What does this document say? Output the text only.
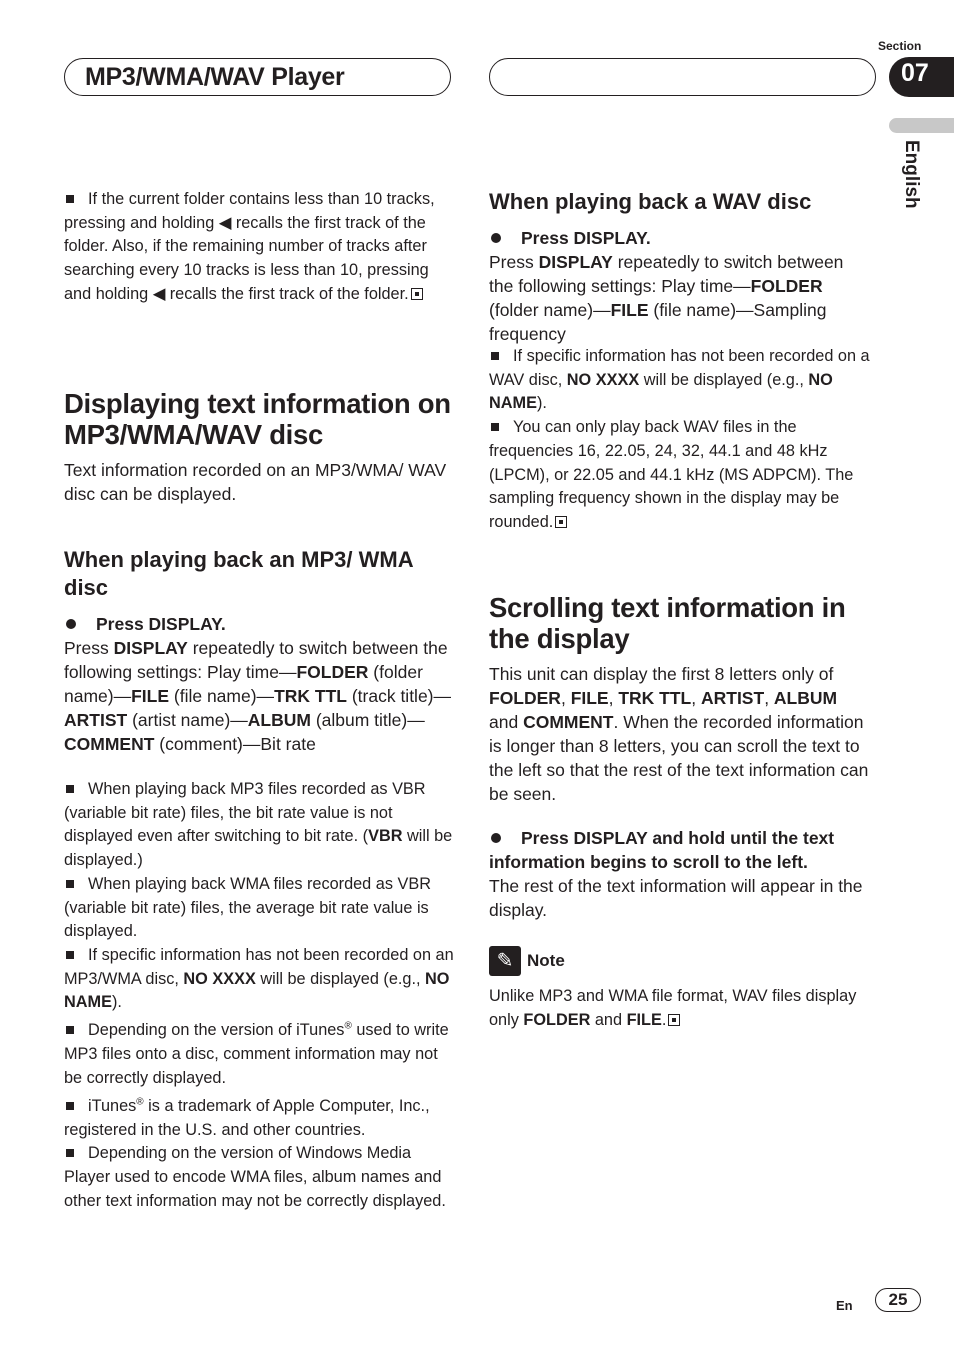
MP3/WMA/WAV Player
Section
07
English

If the current folder contains less than 10 tracks, pressing and holding ◀ recalls the first track of the folder. Also, if the remaining number of tracks after searching every 10 tracks is less than 10, pressing and holding ◀ recalls the first track of the folder.

Displaying text information on MP3/WMA/WAV disc

Text information recorded on an MP3/WMA/ WAV disc can be displayed.

When playing back an MP3/ WMA disc

Press DISPLAY.

Press DISPLAY repeatedly to switch between the following settings: Play time—FOLDER (folder name)—FILE (file name)—TRK TTL (track title)—ARTIST (artist name)—ALBUM (album title)—COMMENT (comment)—Bit rate

When playing back MP3 files recorded as VBR (variable bit rate) files, the bit rate value is not displayed even after switching to bit rate. (VBR will be displayed.)

When playing back WMA files recorded as VBR (variable bit rate) files, the average bit rate value is displayed.

If specific information has not been recorded on an MP3/WMA disc, NO XXXX will be displayed (e.g., NO NAME).

Depending on the version of iTunes® used to write MP3 files onto a disc, comment information may not be correctly displayed.

iTunes® is a trademark of Apple Computer, Inc., registered in the U.S. and other countries.

Depending on the version of Windows Media Player used to encode WMA files, album names and other text information may not be correctly displayed.

When playing back a WAV disc

Press DISPLAY.

Press DISPLAY repeatedly to switch between the following settings: Play time—FOLDER (folder name)—FILE (file name)—Sampling frequency

If specific information has not been recorded on a WAV disc, NO XXXX will be displayed (e.g., NO NAME).

You can only play back WAV files in the frequencies 16, 22.05, 24, 32, 44.1 and 48 kHz (LPCM), or 22.05 and 44.1 kHz (MS ADPCM). The sampling frequency shown in the display may be rounded.

Scrolling text information in the display

This unit can display the first 8 letters only of FOLDER, FILE, TRK TTL, ARTIST, ALBUM and COMMENT. When the recorded information is longer than 8 letters, you can scroll the text to the left so that the rest of the text information can be seen.

Press DISPLAY and hold until the text information begins to scroll to the left.

The rest of the text information will appear in the display.

✎ Note

Unlike MP3 and WMA file format, WAV files display only FOLDER and FILE.

En	25
